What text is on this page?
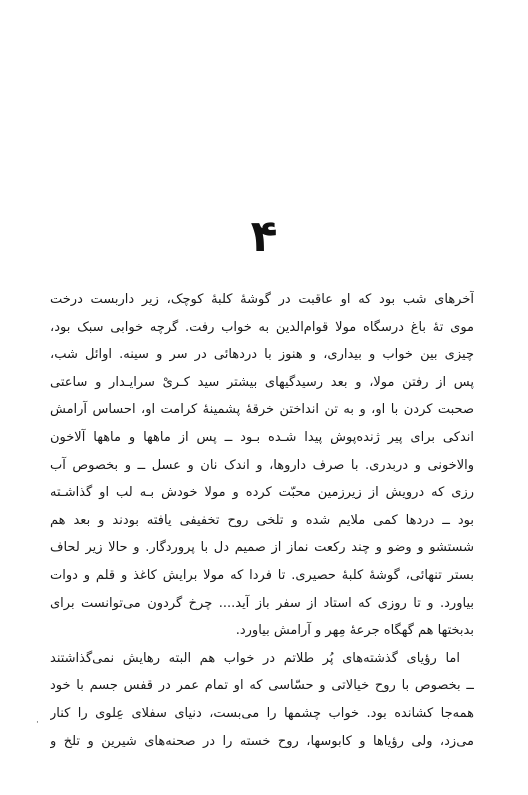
۴
آخرهای شب بود که او عاقبت در گوشهٔ کلبهٔ کوچک، زیر داربست درخت
موی تهٔ باغ درسگاه مولا قوام‌الدین به خواب رفت. گرچه خوابی سبک بود،
چیزی بین خواب و بیداری، و هنوز با دردهائی در سر و سینه. اوائل شب،
پس از رفتن مولا، و بعد رسیدگیهای بیشتر سید کـریْ سرایـدار و ساعتی
صحبت کردن با او، و به تن انداختن خرقهٔ پشمینهٔ کرامت او، احساس آرامش
اندکی برای پیر ژنده‌پوش پیدا شـده بـود ــ پس از ماهها و ماهها آلاخون
والاخونی و دربدری. با صرف داروها، و اندک نان و عسل ــ و بخصوص آب
رزی که درویش از زیرزمین محبّت کرده و مولا خودش بـه لب او گذاشـته
بود ــ دردها کمی ملایم شده و تلخی روح تخفیفی یافته بودند و بعد هم
شستشو و وضو و چند رکعت نماز از صمیم دل با پروردگار. و حالا زیر لحاف
بستر تنهائی، گوشهٔ کلبهٔ حصیری. تا فردا که مولا برایش کاغذ و قلم و دوات
بیاورد. و تا روزی که استاد از سفر باز آید.... چرخ گردون می‌توانست برای
بدبختها هم گهگاه جرعهٔ مِهر و آرامش بیاورد.
اما رؤیای گذشته‌های پُر طلاتم در خواب هم البته رهایش نمی‌گذاشتند
ــ بخصوص با روح خیالاتی و حسّاسی که او تمام عمر در قفس جسم با خود
همه‌جا کشانده بود. خواب چشمها را می‌بست، دنیای سفلای عِلوی را کنار
می‌زد، ولی رؤیاها و کابوسها، روح خسته را در صحنه‌های شیرین و تلخ و
·
